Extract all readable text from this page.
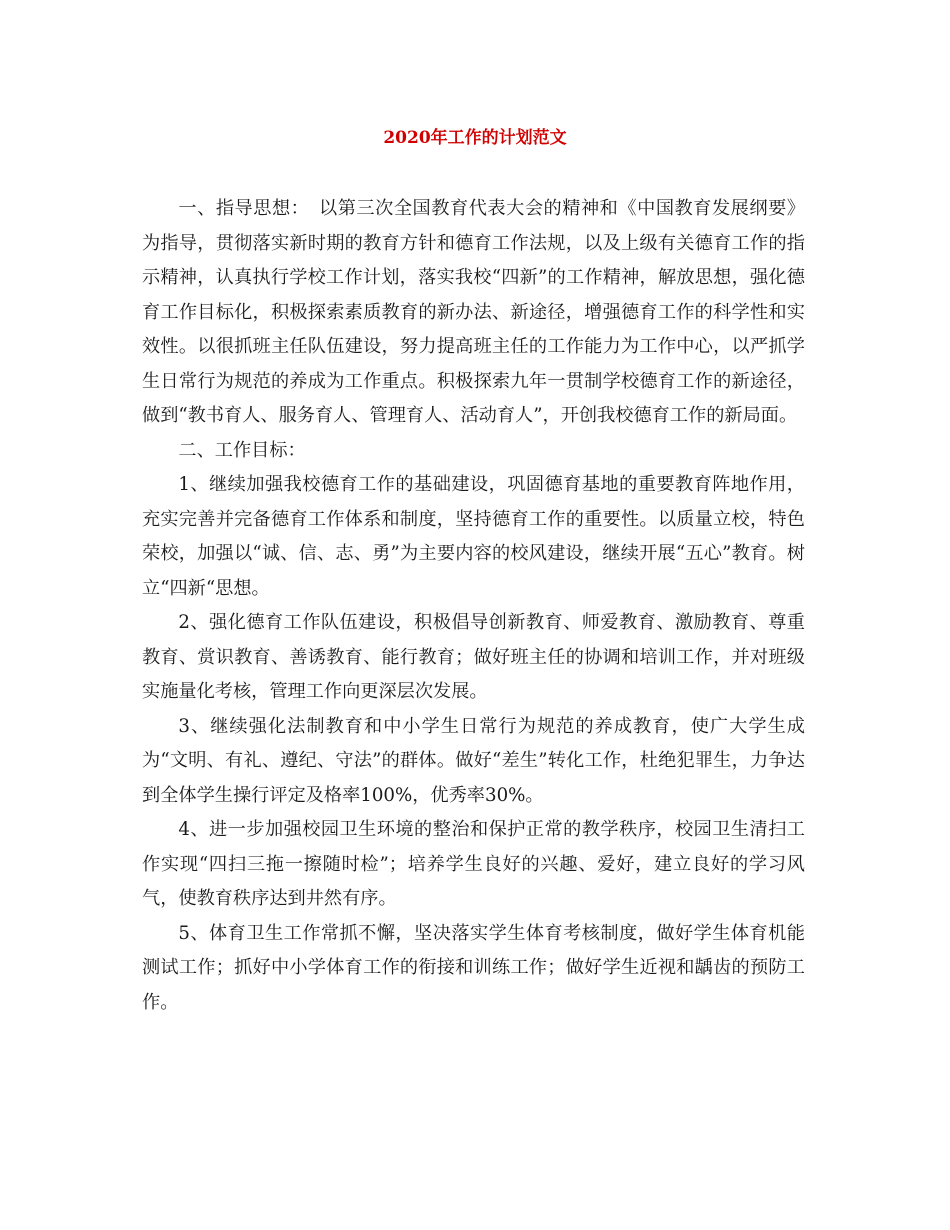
2020年工作的计划范文

一、指导思想：　以第三次全国教育代表大会的精神和《中国教育发展纲要》为指导，贯彻落实新时期的教育方针和德育工作法规，以及上级有关德育工作的指示精神，认真执行学校工作计划，落实我校“四新”的工作精神，解放思想，强化德育工作目标化，积极探索素质教育的新办法、新途径，增强德育工作的科学性和实效性。以很抓班主任队伍建设，努力提高班主任的工作能力为工作中心，以严抓学生日常行为规范的养成为工作重点。积极探索九年一贯制学校德育工作的新途径，做到“教书育人、服务育人、管理育人、活动育人”，开创我校德育工作的新局面。

二、工作目标：

1、继续加强我校德育工作的基础建设，巩固德育基地的重要教育阵地作用，充实完善并完备德育工作体系和制度，坚持德育工作的重要性。以质量立校，特色荣校，加强以“诚、信、志、勇”为主要内容的校风建设，继续开展“五心”教育。树立“四新“思想。

2、强化德育工作队伍建设，积极倡导创新教育、师爱教育、激励教育、尊重教育、赏识教育、善诱教育、能行教育；做好班主任的协调和培训工作，并对班级实施量化考核，管理工作向更深层次发展。

3、继续强化法制教育和中小学生日常行为规范的养成教育，使广大学生成为“文明、有礼、遵纪、守法”的群体。做好“差生”转化工作，杜绝犯罪生，力争达到全体学生操行评定及格率100%，优秀率30%。

4、进一步加强校园卫生环境的整治和保护正常的教学秩序，校园卫生清扫工作实现“四扫三拖一擦随时检”；培养学生良好的兴趣、爱好，建立良好的学习风气，使教育秩序达到井然有序。

5、体育卫生工作常抓不懈，坚决落实学生体育考核制度，做好学生体育机能测试工作；抓好中小学体育工作的衔接和训练工作；做好学生近视和龋齿的预防工作。
